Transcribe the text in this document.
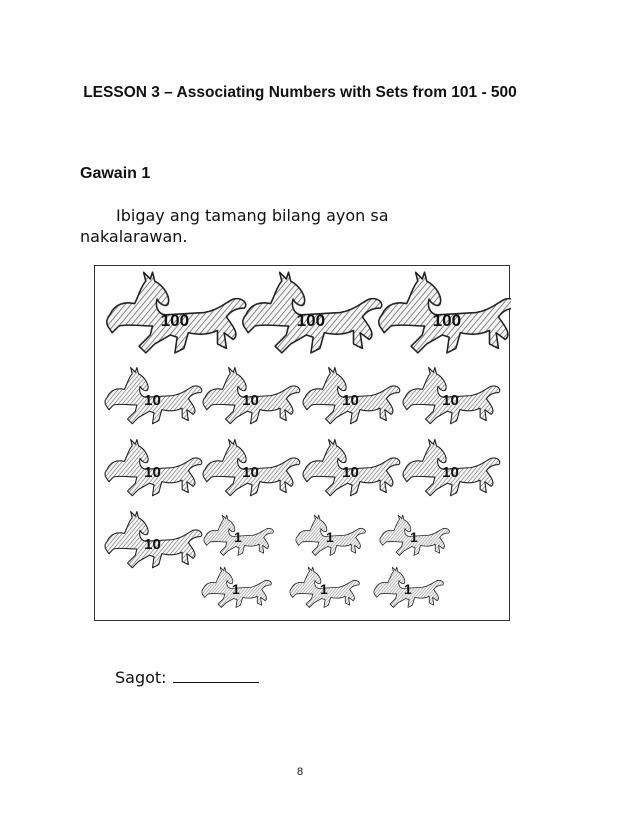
LESSON 3 – Associating Numbers with Sets from 101 - 500
Gawain 1
Ibigay ang tamang bilang ayon sa nakalarawan.
100	100	100
10	10	10	10
10	10	10	10
10	1	1	1
1	1	1
Sagot:
8
